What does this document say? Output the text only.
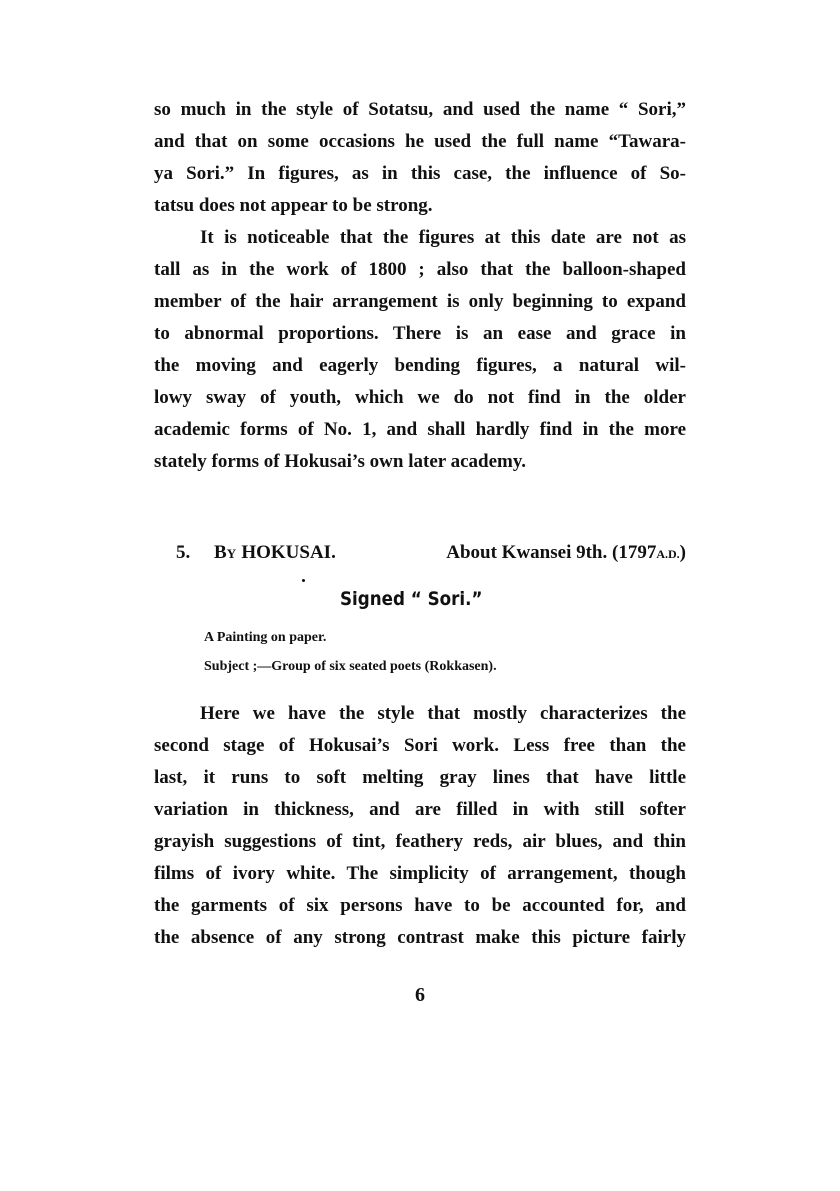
so much in the style of Sotatsu, and used the name “ Sori,”
and that on some occasions he used the full name “Tawara-
ya Sori.” In figures, as in this case, the influence of So-
tatsu does not appear to be strong.
It is noticeable that the figures at this date are not as
tall as in the work of 1800 ; also that the balloon-shaped
member of the hair arrangement is only beginning to expand
to abnormal proportions. There is an ease and grace in
the moving and eagerly bending figures, a natural wil-
lowy sway of youth, which we do not find in the older
academic forms of No. 1, and shall hardly find in the more
stately forms of Hokusai’s own later academy.
5. BY HOKUSAI.	About Kwansei 9th. (1797A.D.)
Signed “ Sori.”
A Painting on paper.
Subject ;—Group of six seated poets (Rokkasen).
Here we have the style that mostly characterizes the
second stage of Hokusai’s Sori work. Less free than the
last, it runs to soft melting gray lines that have little
variation in thickness, and are filled in with still softer
grayish suggestions of tint, feathery reds, air blues, and thin
films of ivory white. The simplicity of arrangement, though
the garments of six persons have to be accounted for, and
the absence of any strong contrast make this picture fairly
6
